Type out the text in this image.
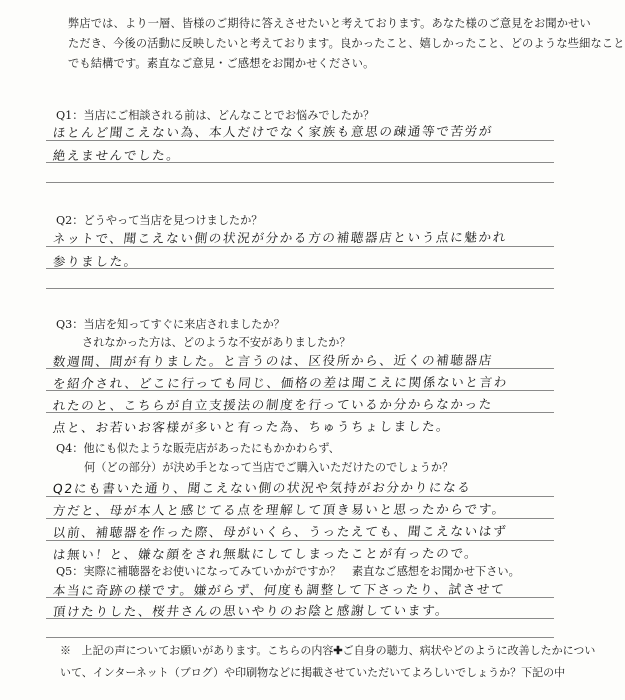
弊店では、より一層、皆様のご期待に答えさせたいと考えております。あなた様のご意見をお聞かせい
ただき、今後の活動に反映したいと考えております。良かったこと、嬉しかったこと、どのような些細なこと
でも結構です。素直なご意見・ご感想をお聞かせください。
Q1：当店にご相談される前は、どんなことでお悩みでしたか？
ほとんど聞こえない為、本人だけでなく家族も意思の疎通等で苦労が
絶えませんでした。
Q2：どうやって当店を見つけましたか？
ネットで、聞こえない側の状況が分かる方の補聴器店という点に魅かれ
参りました。
Q3：当店を知ってすぐに来店されましたか？
されなかった方は、どのような不安がありましたか？
数週間、間が有りました。と言うのは、区役所から、近くの補聴器店
を紹介され、どこに行っても同じ、価格の差は聞こえに関係ないと言わ
れたのと、こちらが自立支援法の制度を行っているか分からなかった
点と、お若いお客様が多いと有った為、ちゅうちょしました。
Q4：他にも似たような販売店があったにもかかわらず、
何（どの部分）が決め手となって当店でご購入いただけたのでしょうか？
Q2にも書いた通り、聞こえない側の状況や気持がお分かりになる
方だと、母が本人と感じてる点を理解して頂き易いと思ったからです。
以前、補聴器を作った際、母がいくら、うったえても、聞こえないはず
は無い！と、嫌な顔をされ無駄にしてしまったことが有ったので。
Q5：実際に補聴器をお使いになってみていかがですか？　素直なご感想をお聞かせ下さい。
本当に奇跡の様です。嫌がらず、何度も調整して下さったり、試させて
頂けたりした、桜井さんの思いやりのお陰と感謝しています。
※ 上記の声についてお願いがあります。こちらの内容✚ご自身の聴力、病状やどのように改善したかについ
いて、インターネット（ブログ）や印刷物などに掲載させていただいてよろしいでしょうか？下記の中
